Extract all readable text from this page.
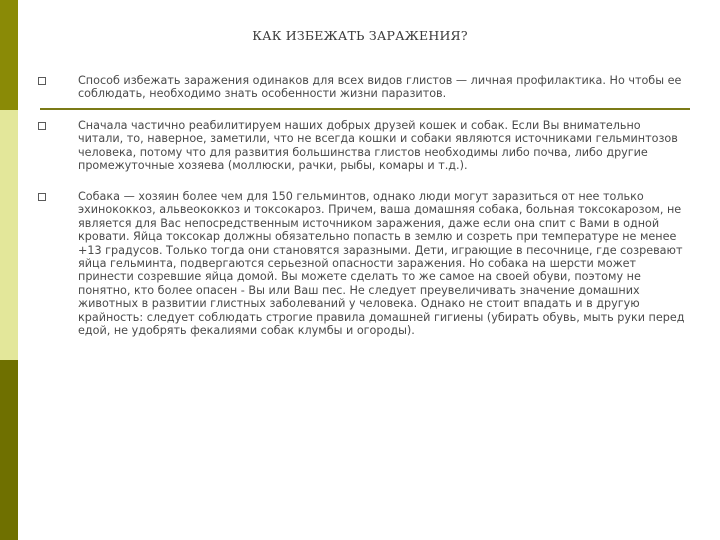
КАК ИЗБЕЖАТЬ ЗАРАЖЕНИЯ?
Способ избежать заражения одинаков для всех видов глистов — личная профилактика. Но чтобы ее соблюдать, необходимо знать особенности жизни паразитов.
Сначала частично реабилитируем наших добрых друзей кошек и собак. Если Вы внимательно читали, то, наверное, заметили, что не всегда кошки и собаки являются источниками гельминтозов человека, потому что для развития большинства глистов необходимы либо почва, либо другие промежуточные хозяева (моллюски, рачки, рыбы, комары и т.д.).
Собака — хозяин более чем для 150 гельминтов, однако люди могут заразиться от нее только эхинококкоз, альвеококкоз и токсокароз. Причем, ваша домашняя собака, больная токсокарозом, не является для Вас непосредственным источником заражения, даже если она спит с Вами в одной кровати. Яйца токсокар должны обязательно попасть в землю и созреть при температуре не менее +13 градусов. Только тогда они становятся заразными. Дети, играющие в песочнице, где созревают яйца гельминта, подвергаются серьезной опасности заражения. Но собака на шерсти может принести созревшие яйца домой. Вы можете сделать то же самое на своей обуви, поэтому не понятно, кто более опасен - Вы или Ваш пес. Не следует преувеличивать значение домашних животных в развитии глистных заболеваний у человека. Однако не стоит впадать и в другую крайность: следует соблюдать строгие правила домашней гигиены (убирать обувь, мыть руки перед едой, не удобрять фекалиями собак клумбы и огороды).
